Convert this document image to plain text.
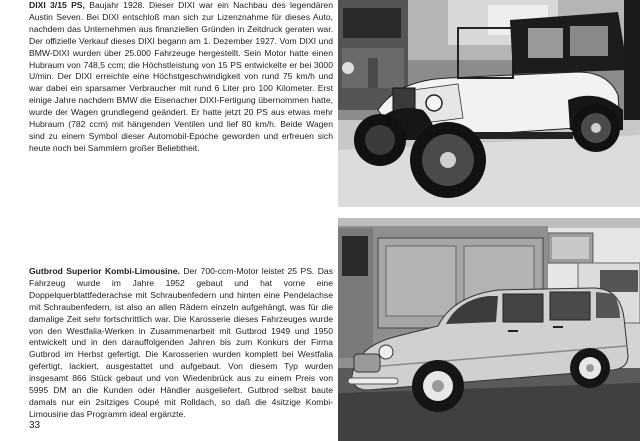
DIXI 3/15 PS, Baujahr 1928. Dieser DIXI war ein Nachbau des legendären Austin Seven. Bei DIXI entschloß man sich zur Lizenznahme für dieses Auto, nachdem das Unternehmen aus finanziellen Gründen in Zeitdruck geraten war. Der offizielle Verkauf dieses DIXI begann am 1. Dezember 1927. Vom DIXI und BMW-DIXI wurden über 25.000 Fahrzeuge hergestellt. Sein Motor hatte einen Hubraum von 748,5 ccm; die Höchstleistung von 15 PS entwickelte er bei 3000 U/min. Der DIXI erreichte eine Höchstgeschwindigkeit von rund 75 km/h und war dabei ein sparsamer Verbraucher mit rund 6 Liter pro 100 Kilometer. Erst einige Jahre nachdem BMW die Eisenacher DIXI-Fertigung übernommen hatte, wurde der Wagen grundlegend geändert. Er hatte jetzt 20 PS aus etwas mehr Hubraum (782 ccm) mit hängenden Ventilen und lief 80 km/h. Beide Wagen sind zu einem Symbol dieser Automobil-Epoche geworden und erfreuen sich heute noch bei Sammlern großer Beliebtheit.

Gutbrod Superior Kombi-Limousine. Der 700-ccm-Motor leistet 25 PS. Das Fahrzeug wurde im Jahre 1952 gebaut und hat vorne eine Doppelquerblattfederachse mit Schraubenfedern und hinten eine Pendelachse mit Schraubenfedern, ist also an allen Rädern einzeln aufgehängt, was für die damalige Zeit sehr fortschrittlich war. Die Karosserie dieses Fahrzeuges wurde von den Westfalia-Werken in Zusammenarbeit mit Gutbrod 1949 und 1950 entwickelt und in den darauffolgenden Jahren bis zum Konkurs der Firma Gutbrod im Herbst gefertigt. Die Karosserien wurden komplett bei Westfalia gefertigt, lackiert, ausgestattet und aufgebaut. Von diesem Typ wurden insgesamt 866 Stück gebaut und von Wiedenbrück aus zu einem Preis von 5995 DM an die Kunden oder Händler ausgeliefert. Gutbrod selbst baute damals nur ein 2sitziges Coupé mit Rolldach, so daß die 4sitzige Kombi-Limousine das Programm ideal ergänzte.

33
